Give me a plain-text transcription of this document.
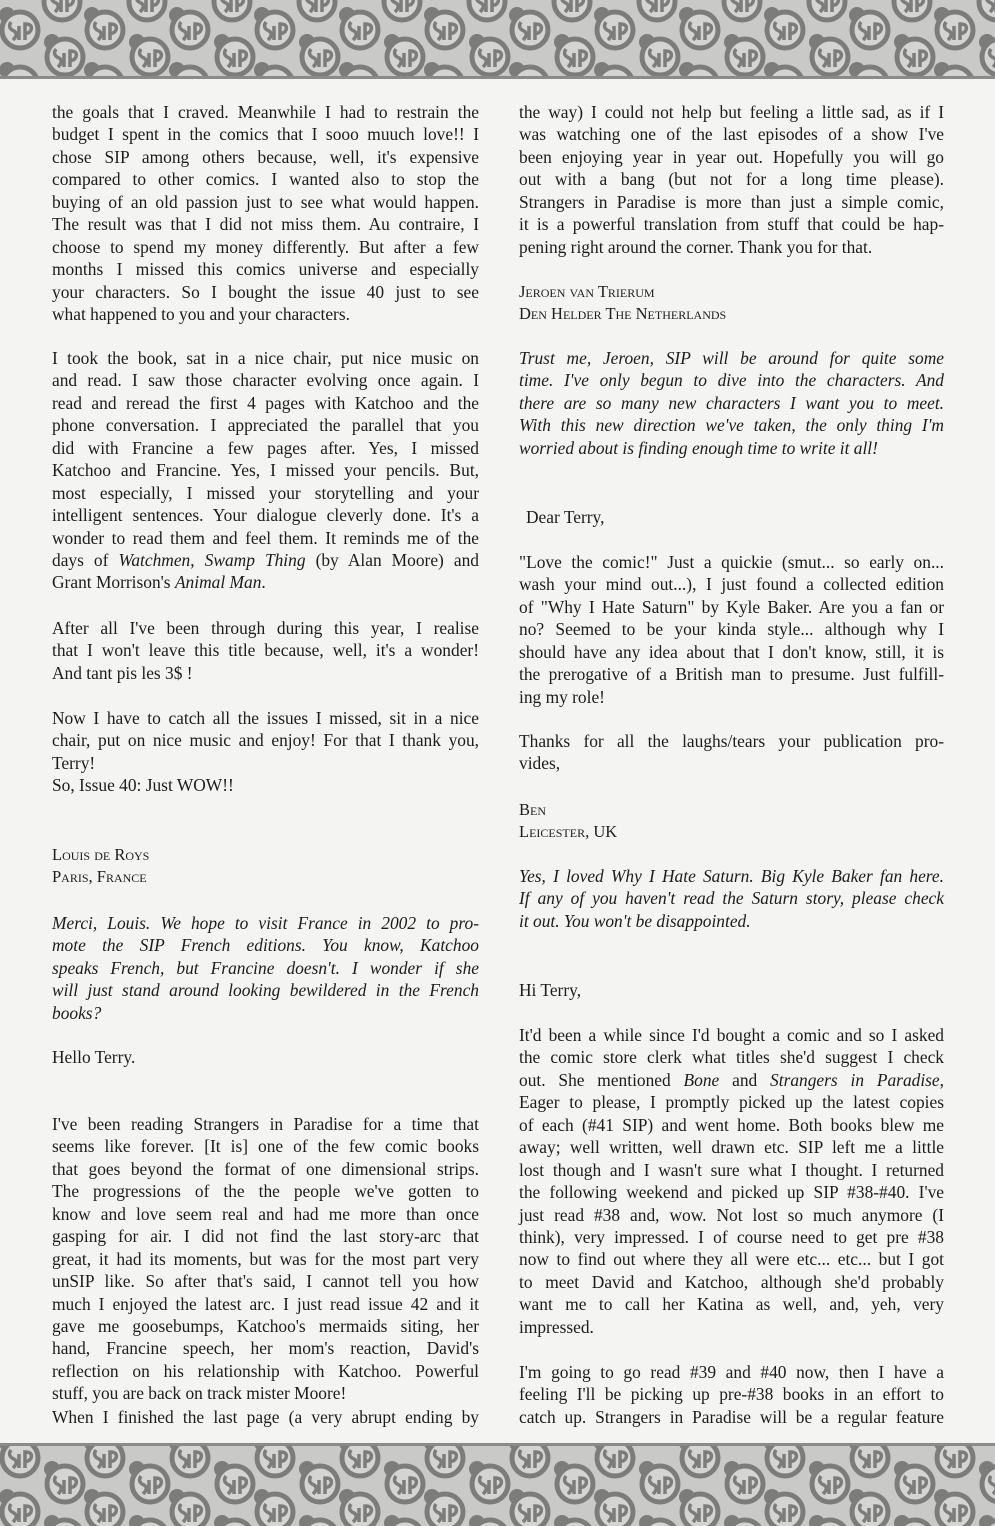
the goals that I craved. Meanwhile I had to restrain the
budget I spent in the comics that I sooo muuch love!! I
chose SIP among others because, well, it's expensive
compared to other comics. I wanted also to stop the
buying of an old passion just to see what would happen.
The result was that I did not miss them. Au contraire, I
choose to spend my money differently. But after a few
months I missed this comics universe and especially
your characters. So I bought the issue 40 just to see
what happened to you and your characters.
I took the book, sat in a nice chair, put nice music on
and read. I saw those character evolving once again. I
read and reread the first 4 pages with Katchoo and the
phone conversation. I appreciated the parallel that you
did with Francine a few pages after. Yes, I missed
Katchoo and Francine. Yes, I missed your pencils. But,
most especially, I missed your storytelling and your
intelligent sentences. Your dialogue cleverly done. It's a
wonder to read them and feel them. It reminds me of the
days of Watchmen, Swamp Thing (by Alan Moore) and
Grant Morrison's Animal Man.
After all I've been through during this year, I realise
that I won't leave this title because, well, it's a wonder!
And tant pis les 3$ !
Now I have to catch all the issues I missed, sit in a nice
chair, put on nice music and enjoy! For that I thank you,
Terry!
So, Issue 40: Just WOW!!
Louis de Roys
Paris, France
Merci, Louis. We hope to visit France in 2002 to pro-
mote the SIP French editions. You know, Katchoo
speaks French, but Francine doesn't. I wonder if she
will just stand around looking bewildered in the French
books?
Hello Terry.
I've been reading Strangers in Paradise for a time that
seems like forever. [It is] one of the few comic books
that goes beyond the format of one dimensional strips.
The progressions of the the people we've gotten to
know and love seem real and had me more than once
gasping for air. I did not find the last story-arc that
great, it had its moments, but was for the most part very
unSIP like. So after that's said, I cannot tell you how
much I enjoyed the latest arc. I just read issue 42 and it
gave me goosebumps, Katchoo's mermaids siting, her
hand, Francine speech, her mom's reaction, David's
reflection on his relationship with Katchoo. Powerful
stuff, you are back on track mister Moore!
When I finished the last page (a very abrupt ending by
the way) I could not help but feeling a little sad, as if I
was watching one of the last episodes of a show I've
been enjoying year in year out. Hopefully you will go
out with a bang (but not for a long time please).
Strangers in Paradise is more than just a simple comic,
it is a powerful translation from stuff that could be hap-
pening right around the corner. Thank you for that.
Jeroen van Trierum
Den Helder The Netherlands
Trust me, Jeroen, SIP will be around for quite some
time. I've only begun to dive into the characters. And
there are so many new characters I want you to meet.
With this new direction we've taken, the only thing I'm
worried about is finding enough time to write it all!
Dear Terry,
"Love the comic!" Just a quickie (smut... so early on...
wash your mind out...), I just found a collected edition
of "Why I Hate Saturn" by Kyle Baker. Are you a fan or
no? Seemed to be your kinda style... although why I
should have any idea about that I don't know, still, it is
the prerogative of a British man to presume. Just fulfill-
ing my role!
Thanks for all the laughs/tears your publication pro-
vides,
Ben
Leicester, UK
Yes, I loved Why I Hate Saturn. Big Kyle Baker fan here.
If any of you haven't read the Saturn story, please check
it out. You won't be disappointed.
Hi Terry,
It'd been a while since I'd bought a comic and so I asked
the comic store clerk what titles she'd suggest I check
out. She mentioned Bone and Strangers in Paradise,
Eager to please, I promptly picked up the latest copies
of each (#41 SIP) and went home. Both books blew me
away; well written, well drawn etc. SIP left me a little
lost though and I wasn't sure what I thought. I returned
the following weekend and picked up SIP #38-#40. I've
just read #38 and, wow. Not lost so much anymore (I
think), very impressed. I of course need to get pre #38
now to find out where they all were etc... etc... but I got
to meet David and Katchoo, although she'd probably
want me to call her Katina as well, and, yeh, very
impressed.
I'm going to go read #39 and #40 now, then I have a
feeling I'll be picking up pre-#38 books in an effort to
catch up. Strangers in Paradise will be a regular feature
